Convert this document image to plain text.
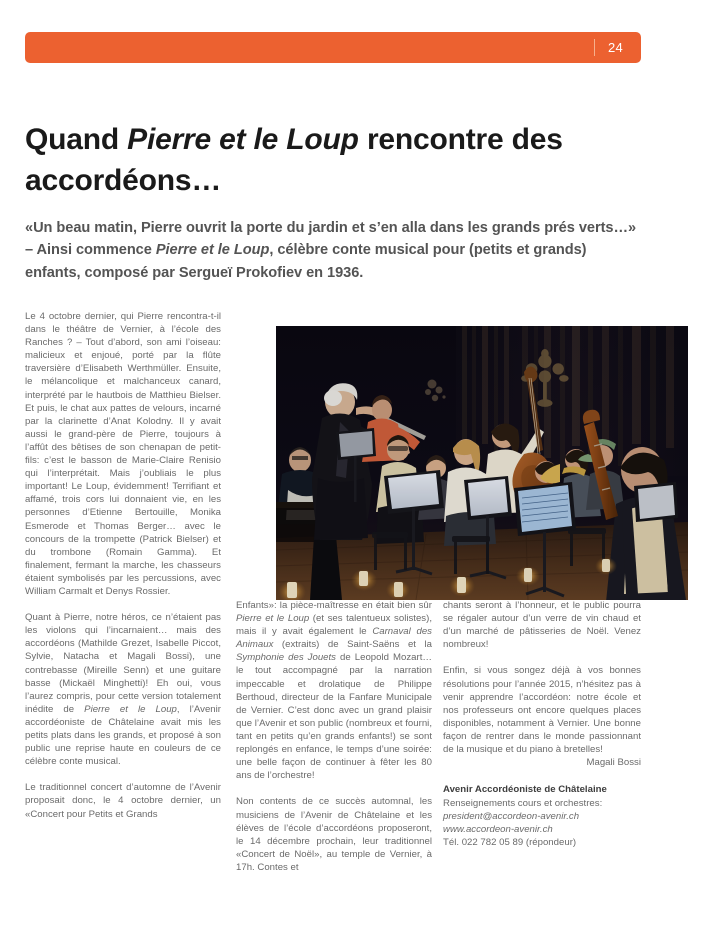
24
Quand Pierre et le Loup rencontre des accordéons…

«Un beau matin, Pierre ouvrit la porte du jardin et s’en alla dans les grands prés verts…» – Ainsi commence Pierre et le Loup, célèbre conte musical pour (petits et grands) enfants, composé par Sergueï Prokofiev en 1936.

Le 4 octobre dernier, qui Pierre rencontra-t-il dans le théâtre de Vernier, à l’école des Ranches ? – Tout d’abord, son ami l’oiseau: malicieux et enjoué, porté par la flûte traversière d’Elisabeth Werthmüller. Ensuite, le mélancolique et malchanceux canard, interprété par le hautbois de Matthieu Bielser. Et puis, le chat aux pattes de velours, incarné par la clarinette d’Anat Kolodny. Il y avait aussi le grand-père de Pierre, toujours à l’affût des bêtises de son chenapan de petit-fils: c’est le basson de Marie-Claire Renisio qui l’interprétait. Mais j’oubliais le plus important! Le Loup, évidemment! Terrifiant et affamé, trois cors lui donnaient vie, en les personnes d’Etienne Bertouille, Monika Esmerode et Thomas Berger… avec le concours de la trompette (Patrick Bielser) et du trombone (Romain Gamma). Et finalement, fermant la marche, les chasseurs étaient symbolisés par les percussions, avec William Carmalt et Denys Rossier.

Quant à Pierre, notre héros, ce n’étaient pas les violons qui l’incarnaient… mais des accordéons (Mathilde Grezet, Isabelle Piccot, Sylvie, Natacha et Magali Bossi), une contrebasse (Mireille Senn) et une guitare basse (Mickaël Minghetti)! Eh oui, vous l’aurez compris, pour cette version totalement inédite de Pierre et le Loup, l’Avenir accordéoniste de Châtelaine avait mis les petits plats dans les grands, et proposé à son public une reprise haute en couleurs de ce célèbre conte musical.

Le traditionnel concert d’automne de l’Avenir proposait donc, le 4 octobre dernier, un «Concert pour Petits et Grands

Enfants»: la pièce-maîtresse en était bien sûr Pierre et le Loup (et ses talentueux solistes), mais il y avait également le Carnaval des Animaux (extraits) de Saint-Saëns et la Symphonie des Jouets de Leopold Mozart… le tout accompagné par la narration impeccable et drolatique de Philippe Berthoud, directeur de la Fanfare Municipale de Vernier. C’est donc avec un grand plaisir que l’Avenir et son public (nombreux et fourni, tant en petits qu’en grands enfants!) se sont replongés en enfance, le temps d’une soirée: une belle façon de continuer à fêter les 80 ans de l’orchestre!

Non contents de ce succès automnal, les musiciens de l’Avenir de Châtelaine et les élèves de l’école d’accordéons proposeront, le 14 décembre prochain, leur traditionnel «Concert de Noël», au temple de Vernier, à 17h. Contes et

chants seront à l’honneur, et le public pourra se régaler autour d’un verre de vin chaud et d’un marché de pâtisseries de Noël. Venez nombreux!

Enfin, si vous songez déjà à vos bonnes résolutions pour l’année 2015, n’hésitez pas à venir apprendre l’accordéon: notre école et nos professeurs ont encore quelques places disponibles, notamment à Vernier. Une bonne façon de rentrer dans le monde passionnant de la musique et du piano à bretelles!

Magali Bossi

Avenir Accordéoniste de Châtelaine
Renseignements cours et orchestres:
president@accordeon-avenir.ch
www.accordeon-avenir.ch
Tél. 022 782 05 89 (répondeur)
